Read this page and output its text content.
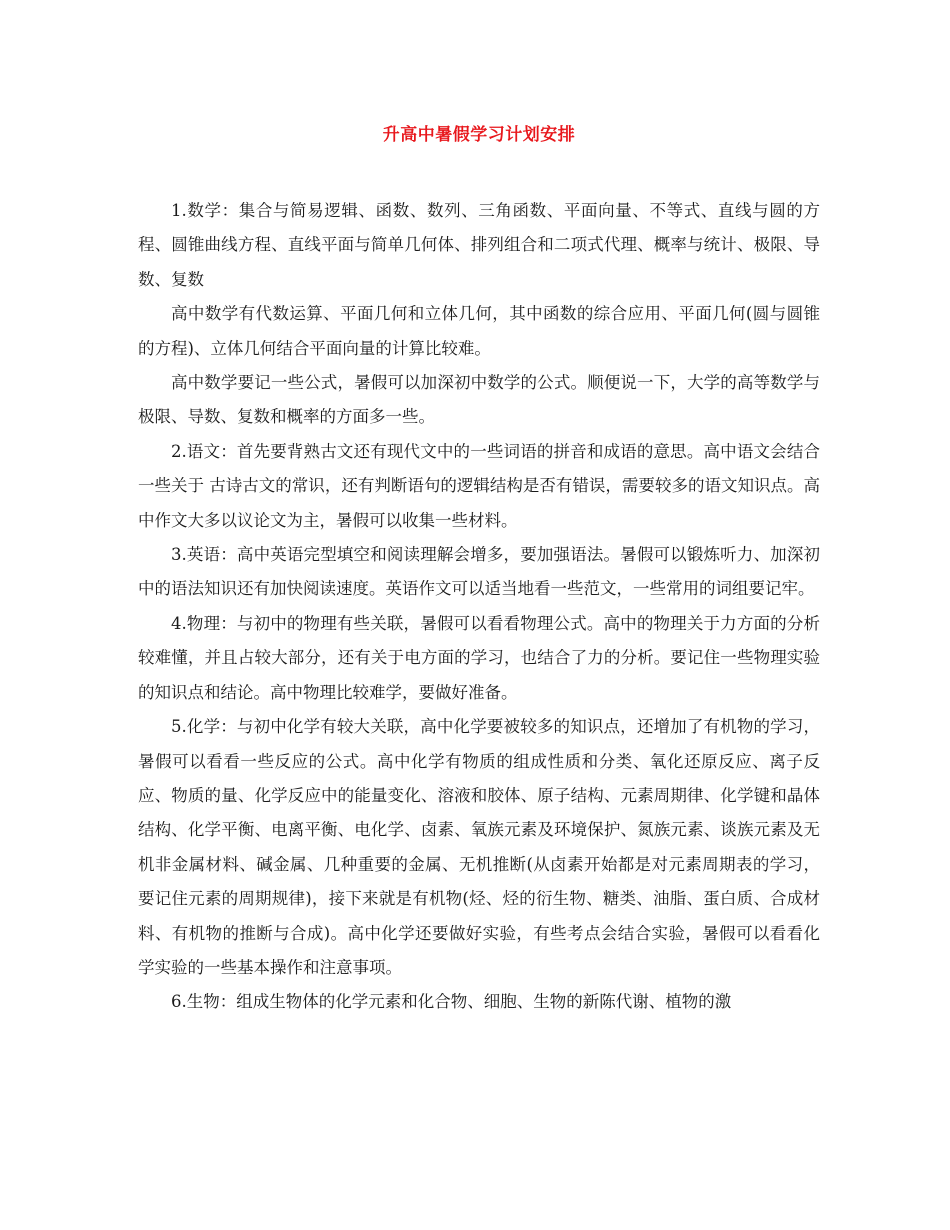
升高中暑假学习计划安排

1.数学：集合与简易逻辑、函数、数列、三角函数、平面向量、不等式、直线与圆的方程、圆锥曲线方程、直线平面与简单几何体、排列组合和二项式代理、概率与统计、极限、导数、复数

高中数学有代数运算、平面几何和立体几何，其中函数的综合应用、平面几何(圆与圆锥的方程)、立体几何结合平面向量的计算比较难。

高中数学要记一些公式，暑假可以加深初中数学的公式。顺便说一下，大学的高等数学与极限、导数、复数和概率的方面多一些。

2.语文：首先要背熟古文还有现代文中的一些词语的拼音和成语的意思。高中语文会结合一些关于 古诗古文的常识，还有判断语句的逻辑结构是否有错误，需要较多的语文知识点。高中作文大多以议论文为主，暑假可以收集一些材料。

3.英语：高中英语完型填空和阅读理解会增多，要加强语法。暑假可以锻炼听力、加深初中的语法知识还有加快阅读速度。英语作文可以适当地看一些范文，一些常用的词组要记牢。

4.物理：与初中的物理有些关联，暑假可以看看物理公式。高中的物理关于力方面的分析较难懂，并且占较大部分，还有关于电方面的学习，也结合了力的分析。要记住一些物理实验的知识点和结论。高中物理比较难学，要做好准备。

5.化学：与初中化学有较大关联，高中化学要被较多的知识点，还增加了有机物的学习，暑假可以看看一些反应的公式。高中化学有物质的组成性质和分类、氧化还原反应、离子反应、物质的量、化学反应中的能量变化、溶液和胶体、原子结构、元素周期律、化学键和晶体结构、化学平衡、电离平衡、电化学、卤素、氧族元素及环境保护、氮族元素、谈族元素及无机非金属材料、碱金属、几种重要的金属、无机推断(从卤素开始都是对元素周期表的学习，要记住元素的周期规律)，接下来就是有机物(烃、烃的衍生物、糖类、油脂、蛋白质、合成材料、有机物的推断与合成)。高中化学还要做好实验，有些考点会结合实验，暑假可以看看化学实验的一些基本操作和注意事项。

6.生物：组成生物体的化学元素和化合物、细胞、生物的新陈代谢、植物的激
